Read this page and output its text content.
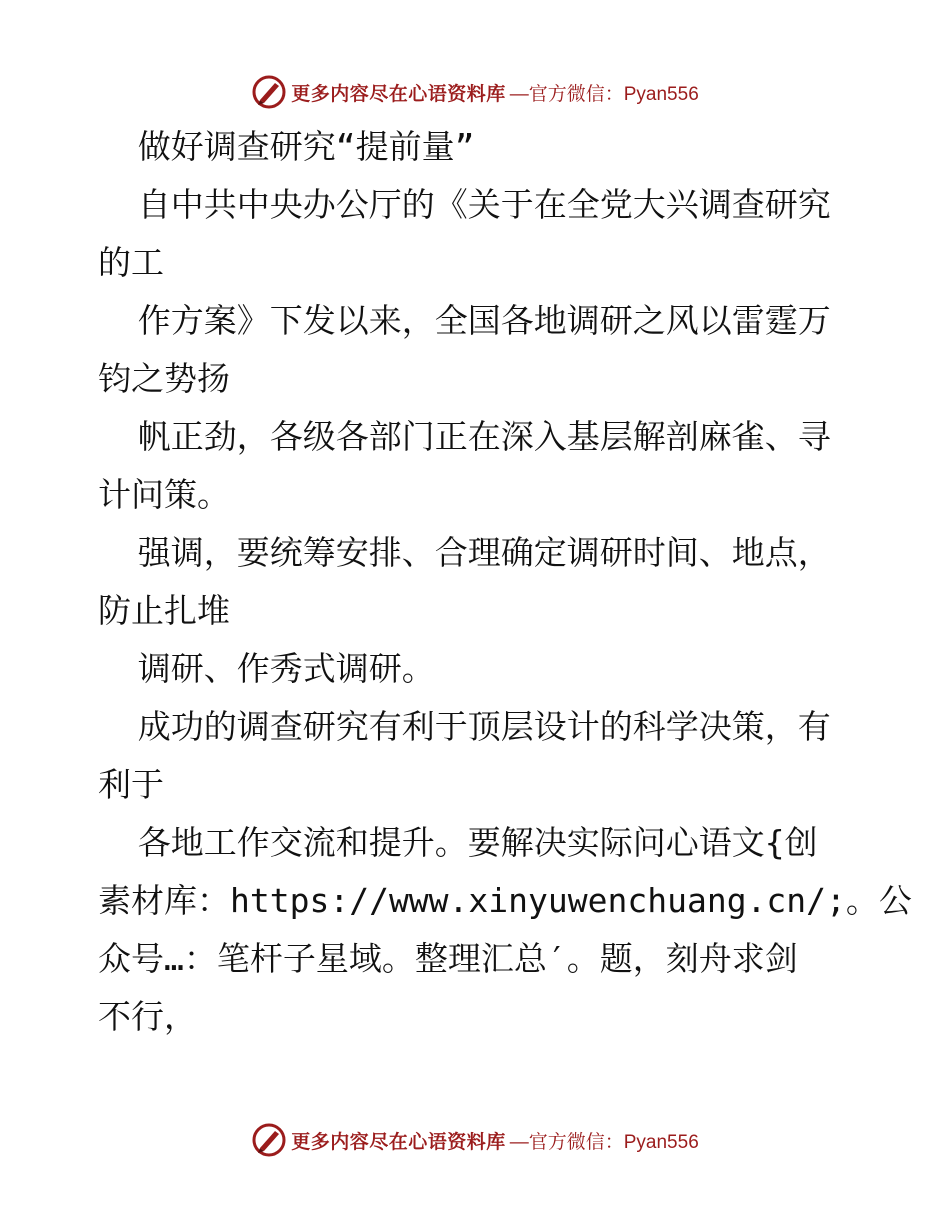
更多内容尽在心语资料库 —官方微信：Pyan556
做好调查研究“提前量”
自中共中央办公厅的《关于在全党大兴调查研究
的工
作方案》下发以来，全国各地调研之风以雷霆万
钧之势扬
帆正劲，各级各部门正在深入基层解剖麻雀、寻
计问策。
强调，要统筹安排、合理确定调研时间、地点，
防止扎堆
调研、作秀式调研。
成功的调查研究有利于顶层设计的科学决策，有
利于
各地工作交流和提升。要解决实际问心语文{创
素材库：https://www.xinyuwenchuang.cn/;。公
众号…：笔杆子星域。整理汇总′。题，刻舟求剑
不行，
更多内容尽在心语资料库 —官方微信：Pyan556
